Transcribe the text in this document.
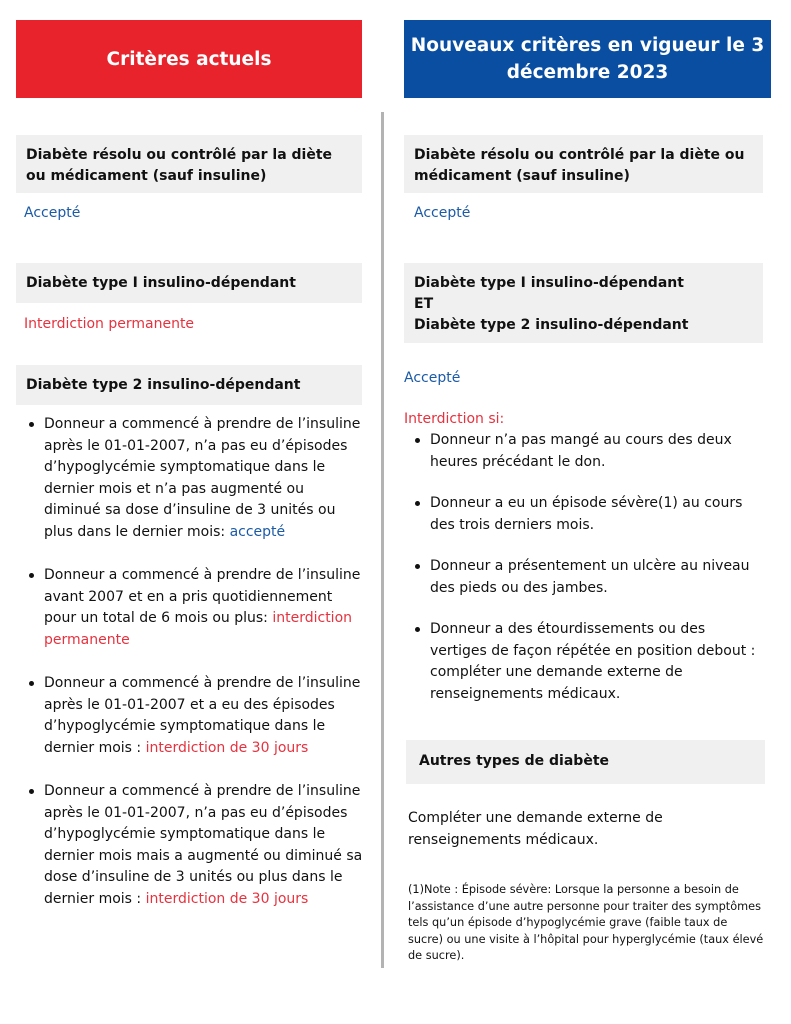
Critères actuels
Nouveaux critères en vigueur le 3 décembre 2023
Diabète résolu ou contrôlé par la diète ou médicament (sauf insuline)
Accepté
Diabète type I insulino-dépendant
Interdiction permanente
Diabète type 2 insulino-dépendant
Donneur a commencé à prendre de l’insuline après le 01-01-2007, n’a pas eu d’épisodes d’hypoglycémie symptomatique dans le dernier mois et n’a pas augmenté ou diminué sa dose d’insuline de 3 unités ou plus dans le dernier mois: accepté
Donneur a commencé à prendre de l’insuline avant 2007 et en a pris quotidiennement pour un total de 6 mois ou plus: interdiction permanente
Donneur a commencé à prendre de l’insuline après le 01-01-2007 et a eu des épisodes d’hypoglycémie symptomatique dans le dernier mois : interdiction de 30 jours
Donneur a commencé à prendre de l’insuline après le 01-01-2007, n’a pas eu d’épisodes d’hypoglycémie symptomatique dans le dernier mois mais a augmenté ou diminué sa dose d’insuline de 3 unités ou plus dans le dernier mois : interdiction de 30 jours
Diabète résolu ou contrôlé par la diète ou médicament (sauf insuline)
Accepté
Diabète type I insulino-dépendant
ET
Diabète type 2 insulino-dépendant
Accepté
Interdiction si:
Donneur n’a pas mangé au cours des deux heures précédant le don.
Donneur a eu un épisode sévère(1) au cours des trois derniers mois.
Donneur a présentement un ulcère au niveau des pieds ou des jambes.
Donneur a des étourdissements ou des vertiges de façon répétée en position debout : compléter une demande externe de renseignements médicaux.
Autres types de diabète
Compléter une demande externe de renseignements médicaux.
(1)Note : Épisode sévère: Lorsque la personne a besoin de l’assistance d’une autre personne pour traiter des symptômes tels qu’un épisode d’hypoglycémie grave (faible taux de sucre) ou une visite à l’hôpital pour hyperglycémie (taux élevé de sucre).
